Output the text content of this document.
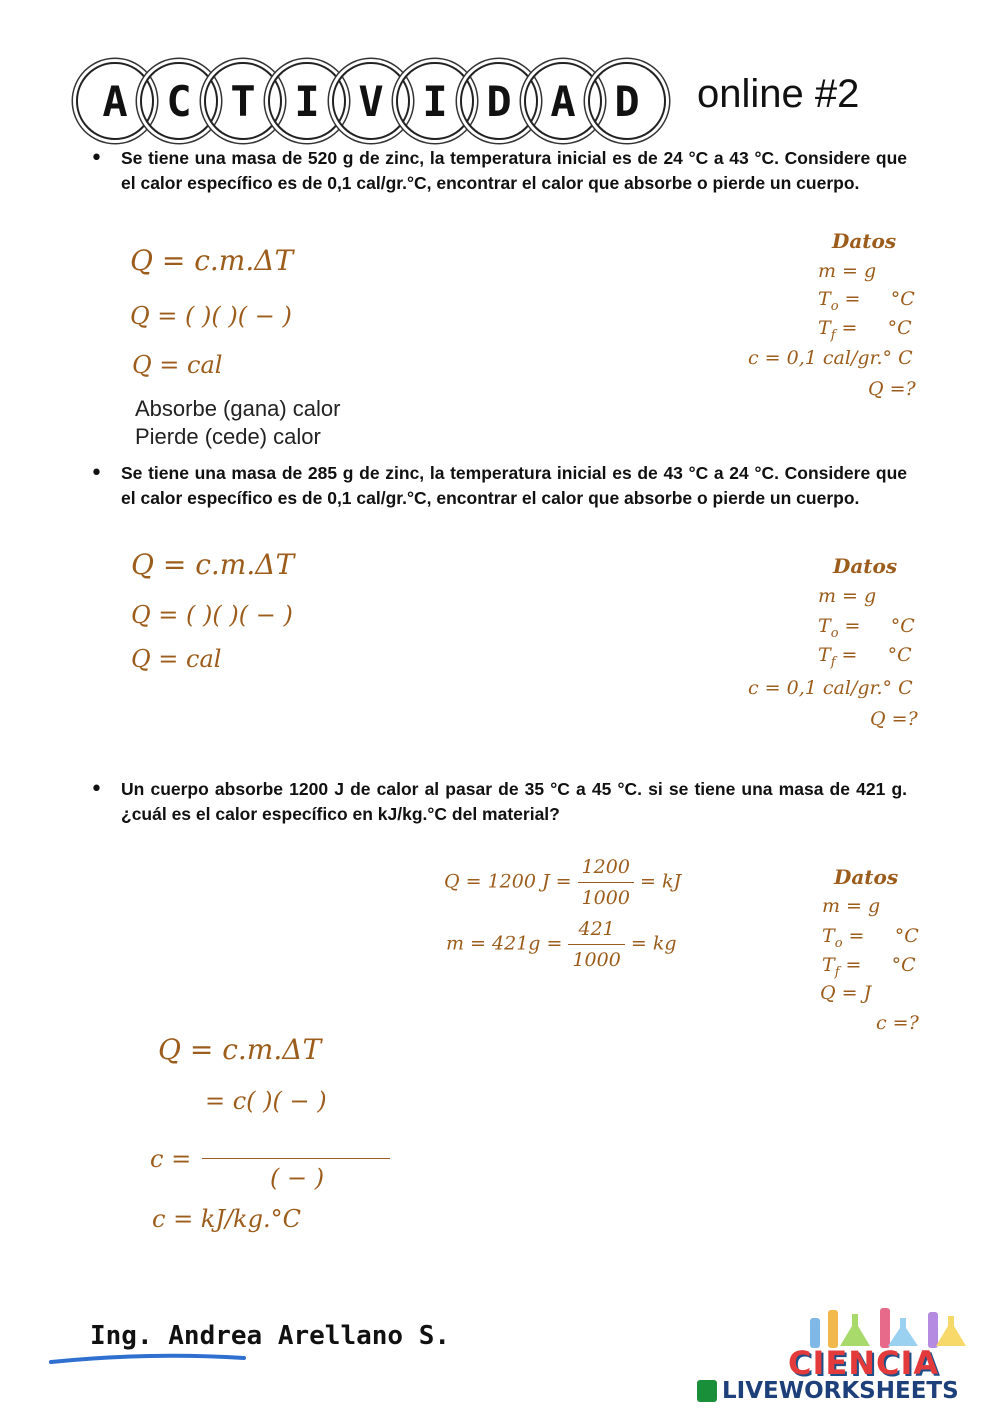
A C T I V I D A D	online #2
• Se tiene una masa de 520 g de zinc, la temperatura inicial es de 24 °C a 43 °C. Considere que el calor específico es de 0,1 cal/gr.°C, encontrar el calor que absorbe o pierde un cuerpo.
Q = c.m.ΔT
Q = ( )( )( − )
Q = cal
Absorbe (gana) calor
Pierde (cede) calor
Datos
m = g
$T_o$ =     °C
$T_f$ =     °C
c = 0,1 cal/gr.° C
Q =?
• Se tiene una masa de 285 g de zinc, la temperatura inicial es de 43 °C a 24 °C. Considere que el calor específico es de 0,1 cal/gr.°C, encontrar el calor que absorbe o pierde un cuerpo.
Q = c.m.ΔT
Q = ( )( )( − )
Q = cal
Datos
m = g
$T_o$ =     °C
$T_f$ =     °C
c = 0,1 cal/gr.° C
Q =?
• Un cuerpo absorbe 1200 J de calor al pasar de 35 °C a 45 °C. si se tiene una masa de 421 g. ¿cuál es el calor específico en kJ/kg.°C del material?
Q = 1200 $J = \frac{1200}{1000}$ = kJ
$m = 421g = \frac{421}{1000}$ = kg
Datos
m = g
$T_o$ =     °C
$T_f$ =     °C
Q = J
c =?
Q = c.m.ΔT
= c( )( − )
c =
( − )
c = kJ/kg.°C
Ing. Andrea Arellano S.
CIENCIA
LIVEWORKSHEETS
